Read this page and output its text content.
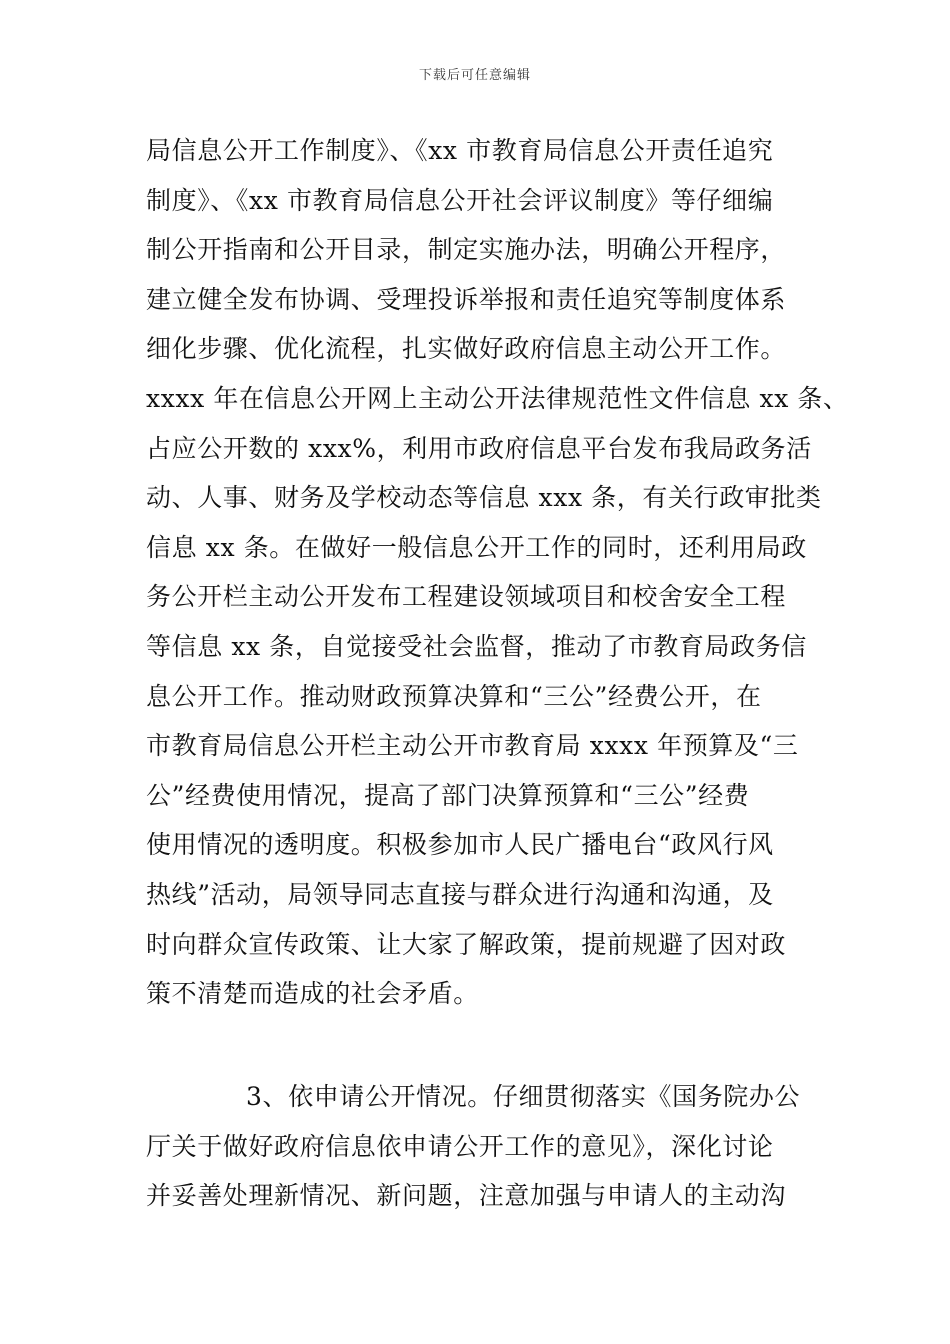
下载后可任意编辑
局信息公开工作制度》、《xx 市教育局信息公开责任追究
制度》、《xx 市教育局信息公开社会评议制度》等仔细编
制公开指南和公开目录，制定实施办法，明确公开程序，
建立健全发布协调、受理投诉举报和责任追究等制度体系
细化步骤、优化流程，扎实做好政府信息主动公开工作。
xxxx 年在信息公开网上主动公开法律规范性文件信息 xx 条、
占应公开数的 xxx%，利用市政府信息平台发布我局政务活
动、人事、财务及学校动态等信息 xxx 条，有关行政审批类
信息 xx 条。在做好一般信息公开工作的同时，还利用局政
务公开栏主动公开发布工程建设领域项目和校舍安全工程
等信息 xx 条，自觉接受社会监督，推动了市教育局政务信
息公开工作。推动财政预算决算和“三公”经费公开，在
市教育局信息公开栏主动公开市教育局 xxxx 年预算及“三
公”经费使用情况，提高了部门决算预算和“三公”经费
使用情况的透明度。积极参加市人民广播电台“政风行风
热线”活动，局领导同志直接与群众进行沟通和沟通，及
时向群众宣传政策、让大家了解政策，提前规避了因对政
策不清楚而造成的社会矛盾。
3、依申请公开情况。仔细贯彻落实《国务院办公
厅关于做好政府信息依申请公开工作的意见》，深化讨论
并妥善处理新情况、新问题，注意加强与申请人的主动沟
